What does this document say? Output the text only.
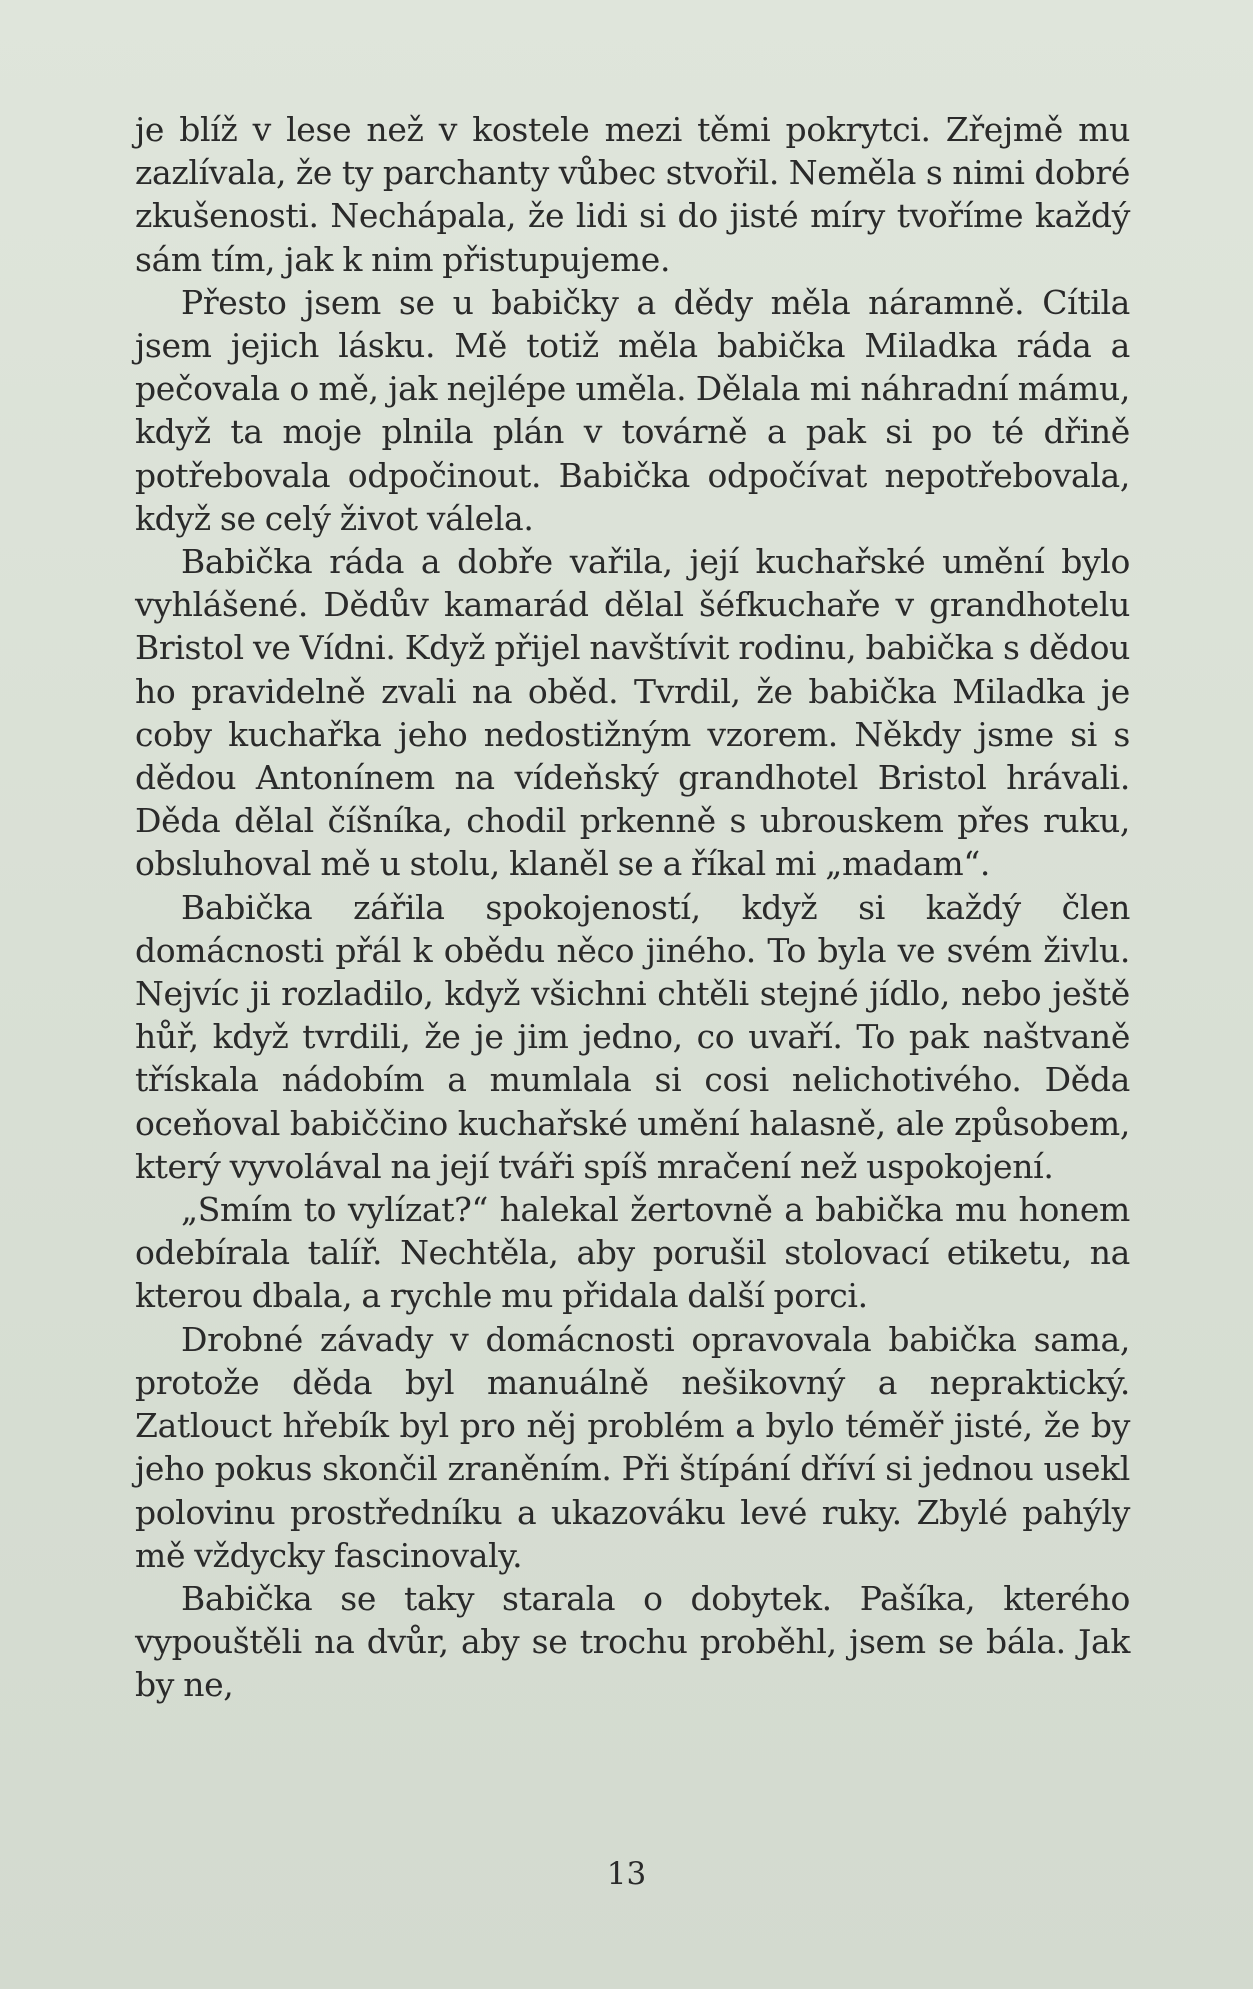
je blíž v lese než v kostele mezi těmi pokrytci. Zřejmě mu zazlívala, že ty parchanty vůbec stvořil. Neměla s nimi dobré zkušenosti. Nechápala, že lidi si do jisté míry tvoříme každý sám tím, jak k nim přistupujeme.

Přesto jsem se u babičky a dědy měla náramně. Cítila jsem jejich lásku. Mě totiž měla babička Miladka ráda a pečovala o mě, jak nejlépe uměla. Dělala mi náhradní mámu, když ta moje plnila plán v továrně a pak si po té dřině potřebovala odpočinout. Babička odpočívat nepotřebovala, když se celý život válela.

Babička ráda a dobře vařila, její kuchařské umění bylo vyhlášené. Dědův kamarád dělal šéfkuchaře v grandhotelu Bristol ve Vídni. Když přijel navštívit rodinu, babička s dědou ho pravidelně zvali na oběd. Tvrdil, že babička Miladka je coby kuchařka jeho nedostižným vzorem. Někdy jsme si s dědou Antonínem na vídeňský grandhotel Bristol hrávali. Děda dělal číšníka, chodil prkenně s ubrouskem přes ruku, obsluhoval mě u stolu, klaněl se a říkal mi „madam“.

Babička zářila spokojeností, když si každý člen domácnosti přál k obědu něco jiného. To byla ve svém živlu. Nejvíc ji rozladilo, když všichni chtěli stejné jídlo, nebo ještě hůř, když tvrdili, že je jim jedno, co uvaří. To pak naštvaně třískala nádobím a mumlala si cosi nelichotivého. Děda oceňoval babiččino kuchařské umění halasně, ale způsobem, který vyvolával na její tváři spíš mračení než uspokojení.

„Smím to vylízat?“ halekal žertovně a babička mu honem odebírala talíř. Nechtěla, aby porušil stolovací etiketu, na kterou dbala, a rychle mu přidala další porci.

Drobné závady v domácnosti opravovala babička sama, protože děda byl manuálně nešikovný a nepraktický. Zatlouct hřebík byl pro něj problém a bylo téměř jisté, že by jeho pokus skončil zraněním. Při štípání dříví si jednou usekl polovinu prostředníku a ukazováku levé ruky. Zbylé pahýly mě vždycky fascinovaly.

Babička se taky starala o dobytek. Pašíka, kterého vypouštěli na dvůr, aby se trochu proběhl, jsem se bála. Jak by ne,

13
